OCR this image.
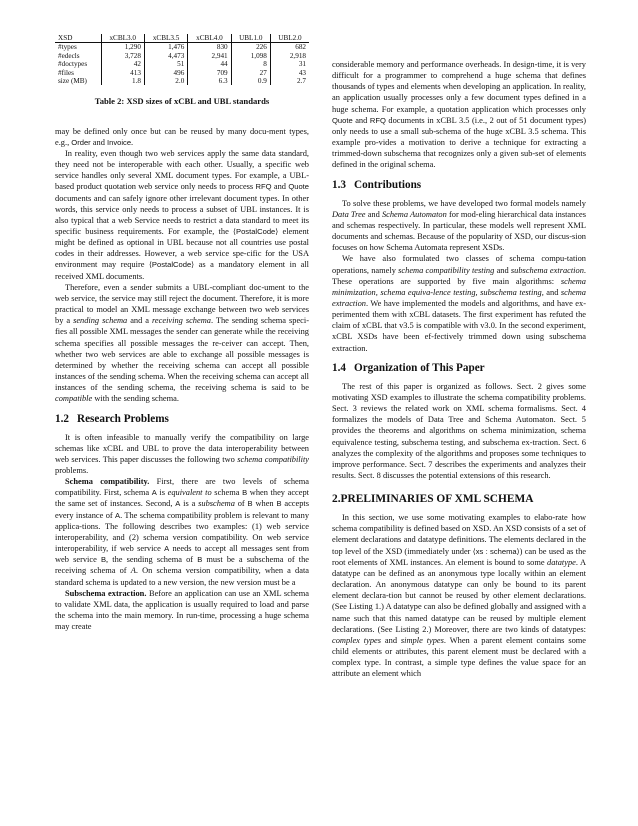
XSD	xCBL3.0	xCBL3.5	xCBL4.0	UBL1.0	UBL2.0
#types	1,290	1,476	830	226	682
#edecls	3,728	4,473	2,941	1,098	2,918
#doctypes	42	51	44	8	31
#files	413	496	709	27	43
size (MB)	1.8	2.0	6.3	0.9	2.7
Table 2: XSD sizes of xCBL and UBL standards

may be defined only once but can be reused by many docu-ment types, e.g., Order and Invoice.

In reality, even though two web services apply the same data standard, they need not be interoperable with each other. Usually, a specific web service handles only several XML document types. For example, a UBL-based product quotation web service only needs to process RFQ and Quote documents and can safely ignore other irrelevant document types. In other words, this service only needs to process a subset of UBL instances. It is also typical that a web Service needs to restrict a data standard to meet its specific business requirements. For example, the ⟨PostalCode⟩ element might be defined as optional in UBL because not all countries use postal codes in their addresses. However, a web service spe-cific for the USA environment may require ⟨PostalCode⟩ as a mandatory element in all received XML documents.

Therefore, even a sender submits a UBL-compliant doc-ument to the web service, the service may still reject the document. Therefore, it is more practical to model an XML message exchange between two web services by a sending schema and a receiving schema. The sending schema speci-fies all possible XML messages the sender can generate while the receiving schema specifies all possible messages the re-ceiver can accept. Then, whether two web services are able to exchange all possible messages is determined by whether the receiving schema can accept all possible instances of the sending schema. When the receiving schema can accept all instances of the sending schema, the receiving schema is said to be compatible with the sending schema.

1.2 Research Problems

It is often infeasible to manually verify the compatibility on large schemas like xCBL and UBL to prove the data interoperability between web services. This paper discusses the following two schema compatibility problems.

Schema compatibility. First, there are two levels of schema compatibility. First, schema A is equivalent to schema B when they accept the same set of instances. Second, A is a subschema of B when B accepts every instance of A. The schema compatibility problem is relevant to many applica-tions. The following describes two examples: (1) web service interoperability, and (2) schema version compatibility. On web service interoperability, if web service A needs to accept all messages sent from web service B, the sending schema of B must be a subschema of the receiving schema of A. On schema version compatibility, when a data standard schema is updated to a new version, the new version must be a

Subschema extraction. Before an application can use an XML schema to validate XML data, the application is usually required to load and parse the schema into the main memory. In run-time, processing a huge schema may create

considerable memory and performance overheads. In design-time, it is very difficult for a programmer to comprehend a huge schema that defines thousands of types and elements when developing an application. In reality, an application usually processes only a few document types defined in a huge schema. For example, a quotation application which processes only Quote and RFQ documents in xCBL 3.5 (i.e., 2 out of 51 document types) only needs to use a small sub-schema of the huge xCBL 3.5 schema. This example pro-vides a motivation to derive a technique for extracting a trimmed-down subschema that recognizes only a given sub-set of elements defined in the original schema.

1.3 Contributions

To solve these problems, we have developed two formal models namely Data Tree and Schema Automaton for mod-eling hierarchical data instances and schemas respectively. In particular, these models well represent XML documents and schemas. Because of the popularity of XSD, our discus-sion focuses on how Schema Automata represent XSDs.

We have also formulated two classes of schema compu-tation operations, namely schema compatibility testing and subschema extraction. These operations are supported by five main algorithms: schema minimization, schema equiva-lence testing, subschema testing, and schema extraction. We have implemented the models and algorithms, and have ex-perimented them with xCBL datasets. The first experiment has refuted the claim of xCBL that v3.5 is compatible with v3.0. In the second experiment, xCBL XSDs have been ef-fectively trimmed down using subschema extraction.

1.4 Organization of This Paper

The rest of this paper is organized as follows. Sect. 2 gives some motivating XSD examples to illustrate the schema compatibility problems. Sect. 3 reviews the related work on XML schema formalisms. Sect. 4 formalizes the models of Data Tree and Schema Automaton. Sect. 5 provides the theorems and algorithms on schema minimization, schema equivalence testing, subschema testing, and subschema ex-traction. Sect. 6 analyzes the complexity of the algorithms and proposes some techniques to improve performance. Sect. 7 describes the experiments and analyzes their results. Sect. 8 discusses the potential extensions of this research.

2.PRELIMINARIES OF XML SCHEMA

In this section, we use some motivating examples to elabo-rate how schema compatibility is defined based on XSD. An XSD consists of a set of element declarations and datatype definitions. The elements declared in the top level of the XSD (immediately under ⟨xs : schema⟩) can be used as the root elements of XML instances. An element is bound to some datatype. A datatype can be defined as an anonymous type locally within an element declaration. An anonymous datatype can only be bound to its parent element declara-tion but cannot be reused by other element declarations. (See Listing 1.) A datatype can also be defined globally and assigned with a name such that this named datatype can be reused by multiple element declarations. (See Listing 2.) Moreover, there are two kinds of datatypes: complex types and simple types. When a parent element contains some child elements or attributes, this parent element must be declared with a complex type. In contrast, a simple type defines the value space for an attribute an element which
